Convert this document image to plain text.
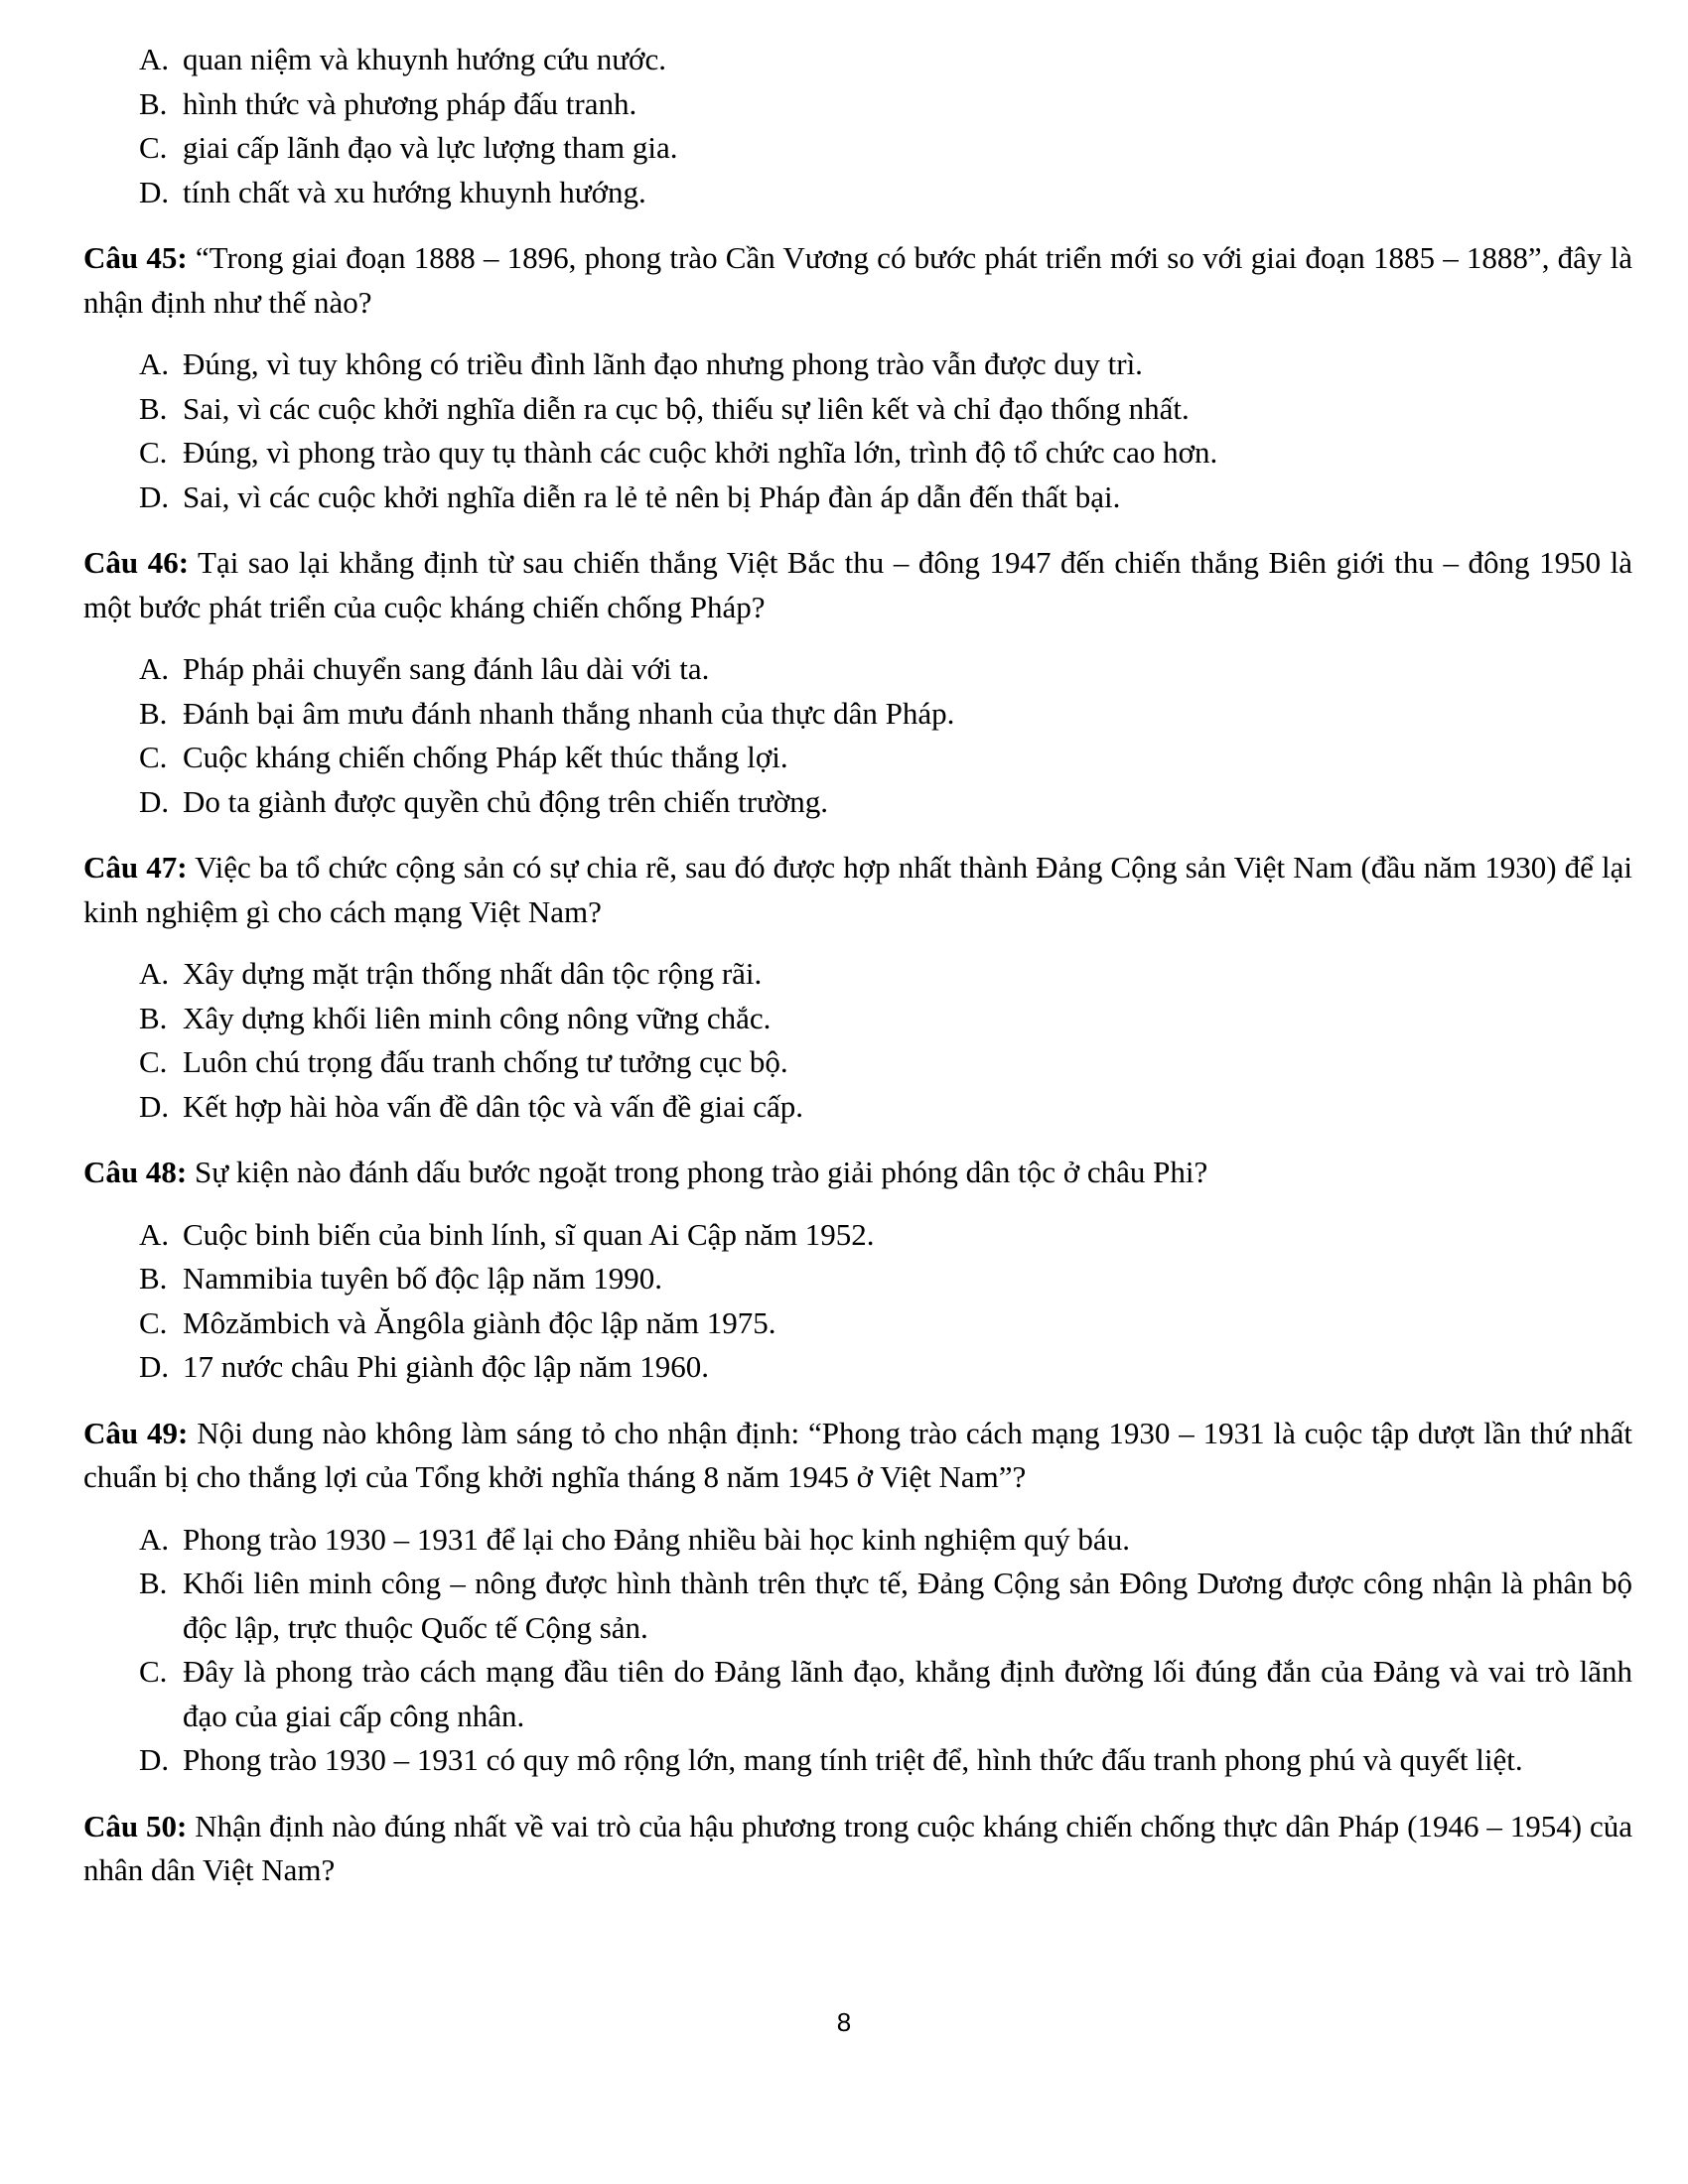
A. quan niệm và khuynh hướng cứu nước.
B. hình thức và phương pháp đấu tranh.
C. giai cấp lãnh đạo và lực lượng tham gia.
D. tính chất và xu hướng khuynh hướng.

Câu 45: “Trong giai đoạn 1888 – 1896, phong trào Cần Vương có bước phát triển mới so với giai đoạn 1885 – 1888”, đây là nhận định như thế nào?

A. Đúng, vì tuy không có triều đình lãnh đạo nhưng phong trào vẫn được duy trì.
B. Sai, vì các cuộc khởi nghĩa diễn ra cục bộ, thiếu sự liên kết và chỉ đạo thống nhất.
C. Đúng, vì phong trào quy tụ thành các cuộc khởi nghĩa lớn, trình độ tổ chức cao hơn.
D. Sai, vì các cuộc khởi nghĩa diễn ra lẻ tẻ nên bị Pháp đàn áp dẫn đến thất bại.

Câu 46: Tại sao lại khẳng định từ sau chiến thắng Việt Bắc thu – đông 1947 đến chiến thắng Biên giới thu – đông 1950 là một bước phát triển của cuộc kháng chiến chống Pháp?

A. Pháp phải chuyển sang đánh lâu dài với ta.
B. Đánh bại âm mưu đánh nhanh thắng nhanh của thực dân Pháp.
C. Cuộc kháng chiến chống Pháp kết thúc thắng lợi.
D. Do ta giành được quyền chủ động trên chiến trường.

Câu 47: Việc ba tổ chức cộng sản có sự chia rẽ, sau đó được hợp nhất thành Đảng Cộng sản Việt Nam (đầu năm 1930) để lại kinh nghiệm gì cho cách mạng Việt Nam?

A. Xây dựng mặt trận thống nhất dân tộc rộng rãi.
B. Xây dựng khối liên minh công nông vững chắc.
C. Luôn chú trọng đấu tranh chống tư tưởng cục bộ.
D. Kết hợp hài hòa vấn đề dân tộc và vấn đề giai cấp.

Câu 48: Sự kiện nào đánh dấu bước ngoặt trong phong trào giải phóng dân tộc ở châu Phi?

A. Cuộc binh biến của binh lính, sĩ quan Ai Cập năm 1952.
B. Nammibia tuyên bố độc lập năm 1990.
C. Môzămbich và Ăngôla giành độc lập năm 1975.
D. 17 nước châu Phi giành độc lập năm 1960.

Câu 49: Nội dung nào không làm sáng tỏ cho nhận định: “Phong trào cách mạng 1930 – 1931 là cuộc tập dượt lần thứ nhất chuẩn bị cho thắng lợi của Tổng khởi nghĩa tháng 8 năm 1945 ở Việt Nam”?

A. Phong trào 1930 – 1931 để lại cho Đảng nhiều bài học kinh nghiệm quý báu.
B. Khối liên minh công – nông được hình thành trên thực tế, Đảng Cộng sản Đông Dương được công nhận là phân bộ độc lập, trực thuộc Quốc tế Cộng sản.
C. Đây là phong trào cách mạng đầu tiên do Đảng lãnh đạo, khẳng định đường lối đúng đắn của Đảng và vai trò lãnh đạo của giai cấp công nhân.
D. Phong trào 1930 – 1931 có quy mô rộng lớn, mang tính triệt để, hình thức đấu tranh phong phú và quyết liệt.

Câu 50: Nhận định nào đúng nhất về vai trò của hậu phương trong cuộc kháng chiến chống thực dân Pháp (1946 – 1954) của nhân dân Việt Nam?

8
